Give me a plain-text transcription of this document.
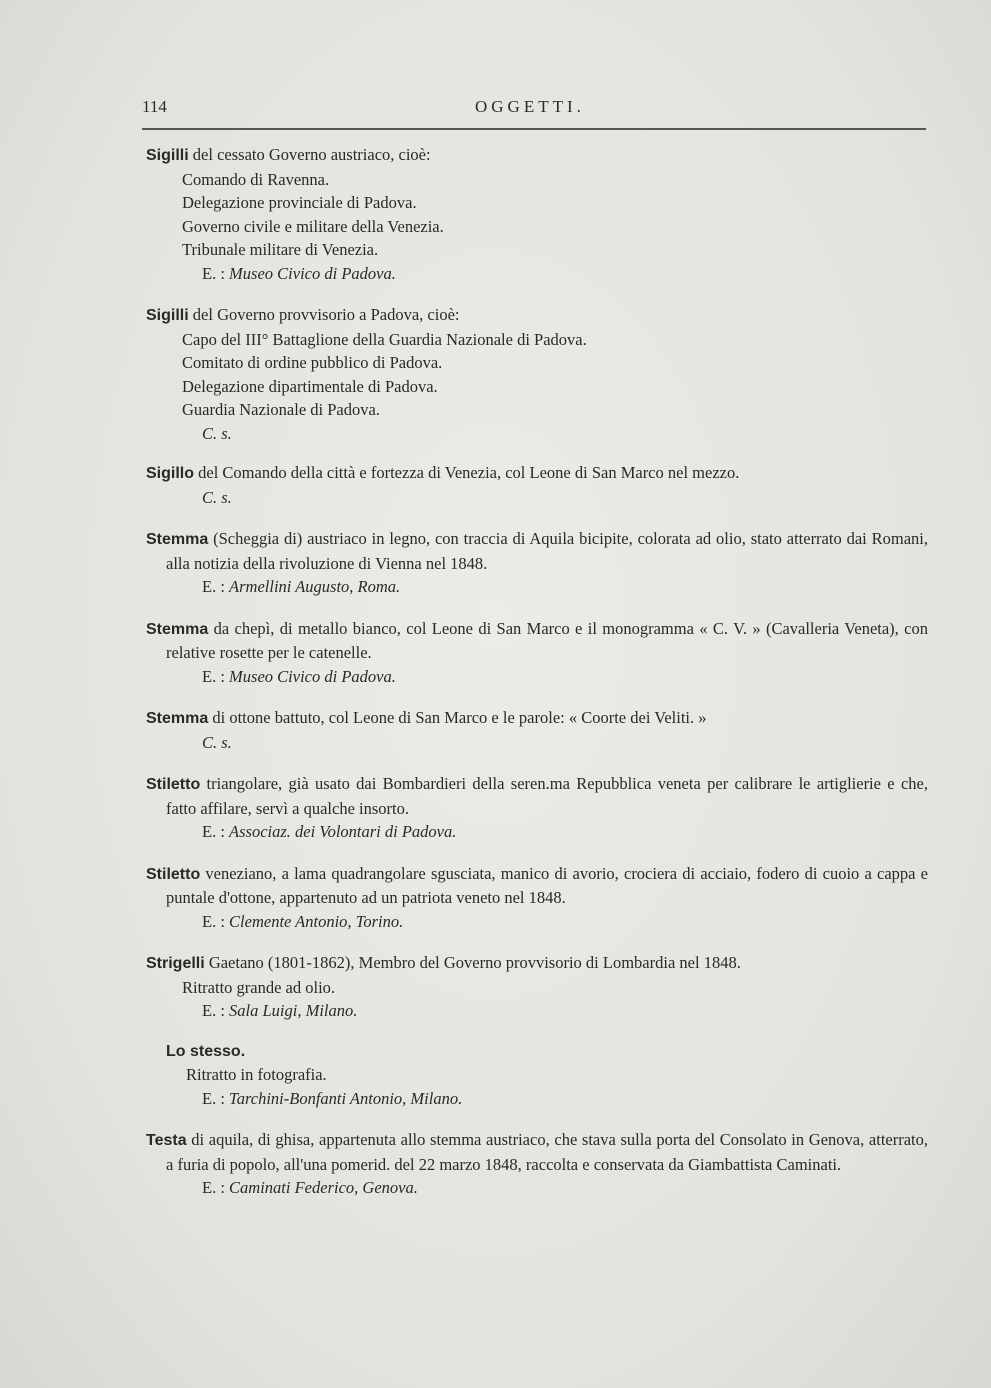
114	OGGETTI.

Sigilli del cessato Governo austriaco, cioè:

Comando di Ravenna.

Delegazione provinciale di Padova.

Governo civile e militare della Venezia.

Tribunale militare di Venezia.

E. : Museo Civico di Padova.

Sigilli del Governo provvisorio a Padova, cioè:

Capo del III° Battaglione della Guardia Nazionale di Padova.

Comitato di ordine pubblico di Padova.

Delegazione dipartimentale di Padova.

Guardia Nazionale di Padova.

C. s.

Sigillo del Comando della città e fortezza di Venezia, col Leone di San Marco nel mezzo.

C. s.

Stemma (Scheggia di) austriaco in legno, con traccia di Aquila bicipite, colorata ad olio, stato atterrato dai Romani, alla notizia della rivoluzione di Vienna nel 1848.

E. : Armellini Augusto, Roma.

Stemma da chepì, di metallo bianco, col Leone di San Marco e il monogramma « C. V. » (Cavalleria Veneta), con relative rosette per le catenelle.

E. : Museo Civico di Padova.

Stemma di ottone battuto, col Leone di San Marco e le parole: « Coorte dei Veliti. »

C. s.

Stiletto triangolare, già usato dai Bombardieri della seren.ma Repubblica veneta per calibrare le artiglierie e che, fatto affilare, servì a qualche insorto.

E. : Associaz. dei Volontari di Padova.

Stiletto veneziano, a lama quadrangolare sgusciata, manico di avorio, crociera di acciaio, fodero di cuoio a cappa e puntale d'ottone, appartenuto ad un patriota veneto nel 1848.

E. : Clemente Antonio, Torino.

Strigelli Gaetano (1801-1862), Membro del Governo provvisorio di Lombardia nel 1848.

Ritratto grande ad olio.

E. : Sala Luigi, Milano.

Lo stesso.

Ritratto in fotografia.

E. : Tarchini-Bonfanti Antonio, Milano.

Testa di aquila, di ghisa, appartenuta allo stemma austriaco, che stava sulla porta del Consolato in Genova, atterrato, a furia di popolo, all'una pomerid. del 22 marzo 1848, raccolta e conservata da Giambattista Caminati.

E. : Caminati Federico, Genova.
